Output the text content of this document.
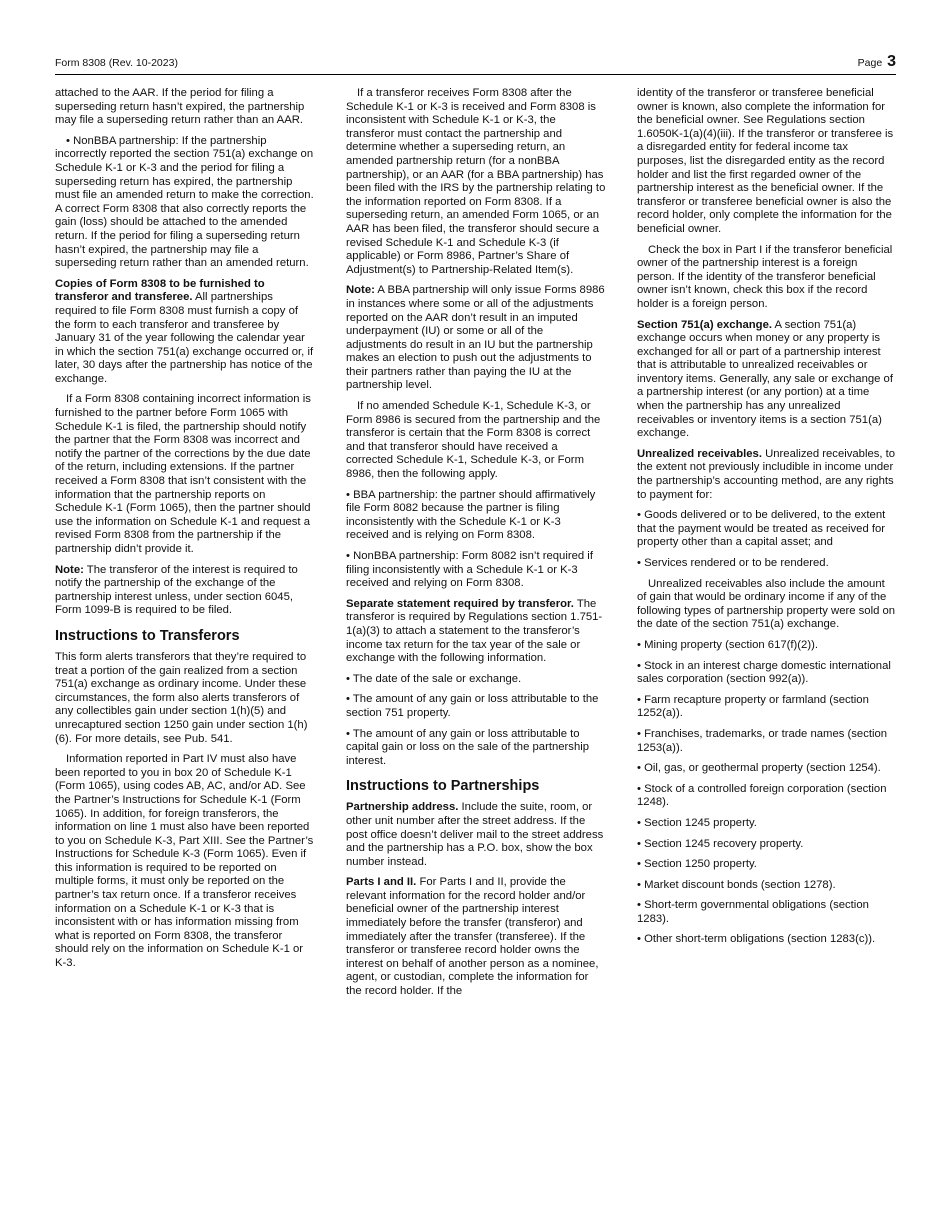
Form 8308 (Rev. 10-2023)	Page 3

attached to the AAR. If the period for filing a superseding return hasn’t expired, the partnership may file a superseding return rather than an AAR.

• NonBBA partnership: If the partnership incorrectly reported the section 751(a) exchange on Schedule K-1 or K-3 and the period for filing a superseding return has expired, the partnership must file an amended return to make the correction. A correct Form 8308 that also correctly reports the gain (loss) should be attached to the amended return. If the period for filing a superseding return hasn’t expired, the partnership may file a superseding return rather than an amended return.

Copies of Form 8308 to be furnished to transferor and transferee. All partnerships required to file Form 8308 must furnish a copy of the form to each transferor and transferee by January 31 of the year following the calendar year in which the section 751(a) exchange occurred or, if later, 30 days after the partnership has notice of the exchange.

If a Form 8308 containing incorrect information is furnished to the partner before Form 1065 with Schedule K-1 is filed, the partnership should notify the partner that the Form 8308 was incorrect and notify the partner of the corrections by the due date of the return, including extensions. If the partner received a Form 8308 that isn’t consistent with the information that the partnership reports on Schedule K-1 (Form 1065), then the partner should use the information on Schedule K-1 and request a revised Form 8308 from the partnership if the partnership didn’t provide it.

Note: The transferor of the interest is required to notify the partnership of the exchange of the partnership interest unless, under section 6045, Form 1099-B is required to be filed.

Instructions to Transferors

This form alerts transferors that they’re required to treat a portion of the gain realized from a section 751(a) exchange as ordinary income. Under these circumstances, the form also alerts transferors of any collectibles gain under section 1(h)(5) and unrecaptured section 1250 gain under section 1(h)(6). For more details, see Pub. 541.

Information reported in Part IV must also have been reported to you in box 20 of Schedule K-1 (Form 1065), using codes AB, AC, and/or AD. See the Partner’s Instructions for Schedule K-1 (Form 1065). In addition, for foreign transferors, the information on line 1 must also have been reported to you on Schedule K-3, Part XIII. See the Partner’s Instructions for Schedule K-3 (Form 1065). Even if this information is required to be reported on multiple forms, it must only be reported on the partner’s tax return once. If a transferor receives information on a Schedule K-1 or K-3 that is inconsistent with or has information missing from what is reported on Form 8308, the transferor should rely on the information on Schedule K-1 or K-3.

If a transferor receives Form 8308 after the Schedule K-1 or K-3 is received and Form 8308 is inconsistent with Schedule K-1 or K-3, the transferor must contact the partnership and determine whether a superseding return, an amended partnership return (for a nonBBA partnership), or an AAR (for a BBA partnership) has been filed with the IRS by the partnership relating to the information reported on Form 8308. If a superseding return, an amended Form 1065, or an AAR has been filed, the transferor should secure a revised Schedule K-1 and Schedule K-3 (if applicable) or Form 8986, Partner’s Share of Adjustment(s) to Partnership-Related Item(s).

Note: A BBA partnership will only issue Forms 8986 in instances where some or all of the adjustments reported on the AAR don’t result in an imputed underpayment (IU) or some or all of the adjustments do result in an IU but the partnership makes an election to push out the adjustments to their partners rather than paying the IU at the partnership level.

If no amended Schedule K-1, Schedule K-3, or Form 8986 is secured from the partnership and the transferor is certain that the Form 8308 is correct and that transferor should have received a corrected Schedule K-1, Schedule K-3, or Form 8986, then the following apply.

• BBA partnership: the partner should affirmatively file Form 8082 because the partner is filing inconsistently with the Schedule K-1 or K-3 received and is relying on Form 8308.

• NonBBA partnership: Form 8082 isn’t required if filing inconsistently with a Schedule K-1 or K-3 received and relying on Form 8308.

Separate statement required by transferor. The transferor is required by Regulations section 1.751-1(a)(3) to attach a statement to the transferor’s income tax return for the tax year of the sale or exchange with the following information.

• The date of the sale or exchange.

• The amount of any gain or loss attributable to the section 751 property.

• The amount of any gain or loss attributable to capital gain or loss on the sale of the partnership interest.

Instructions to Partnerships

Partnership address. Include the suite, room, or other unit number after the street address. If the post office doesn’t deliver mail to the street address and the partnership has a P.O. box, show the box number instead.

Parts I and II. For Parts I and II, provide the relevant information for the record holder and/or beneficial owner of the partnership interest immediately before the transfer (transferor) and immediately after the transfer (transferee). If the transferor or transferee record holder owns the interest on behalf of another person as a nominee, agent, or custodian, complete the information for the record holder. If the

identity of the transferor or transferee beneficial owner is known, also complete the information for the beneficial owner. See Regulations section 1.6050K-1(a)(4)(iii). If the transferor or transferee is a disregarded entity for federal income tax purposes, list the disregarded entity as the record holder and list the first regarded owner of the partnership interest as the beneficial owner. If the transferor or transferee beneficial owner is also the record holder, only complete the information for the beneficial owner.

Check the box in Part I if the transferor beneficial owner of the partnership interest is a foreign person. If the identity of the transferor beneficial owner isn’t known, check this box if the record holder is a foreign person.

Section 751(a) exchange. A section 751(a) exchange occurs when money or any property is exchanged for all or part of a partnership interest that is attributable to unrealized receivables or inventory items. Generally, any sale or exchange of a partnership interest (or any portion) at a time when the partnership has any unrealized receivables or inventory items is a section 751(a) exchange.

Unrealized receivables. Unrealized receivables, to the extent not previously includible in income under the partnership’s accounting method, are any rights to payment for:

• Goods delivered or to be delivered, to the extent that the payment would be treated as received for property other than a capital asset; and

• Services rendered or to be rendered.

Unrealized receivables also include the amount of gain that would be ordinary income if any of the following types of partnership property were sold on the date of the section 751(a) exchange.

• Mining property (section 617(f)(2)).

• Stock in an interest charge domestic international sales corporation (section 992(a)).

• Farm recapture property or farmland (section 1252(a)).

• Franchises, trademarks, or trade names (section 1253(a)).

• Oil, gas, or geothermal property (section 1254).

• Stock of a controlled foreign corporation (section 1248).

• Section 1245 property.

• Section 1245 recovery property.

• Section 1250 property.

• Market discount bonds (section 1278).

• Short-term governmental obligations (section 1283).

• Other short-term obligations (section 1283(c)).
